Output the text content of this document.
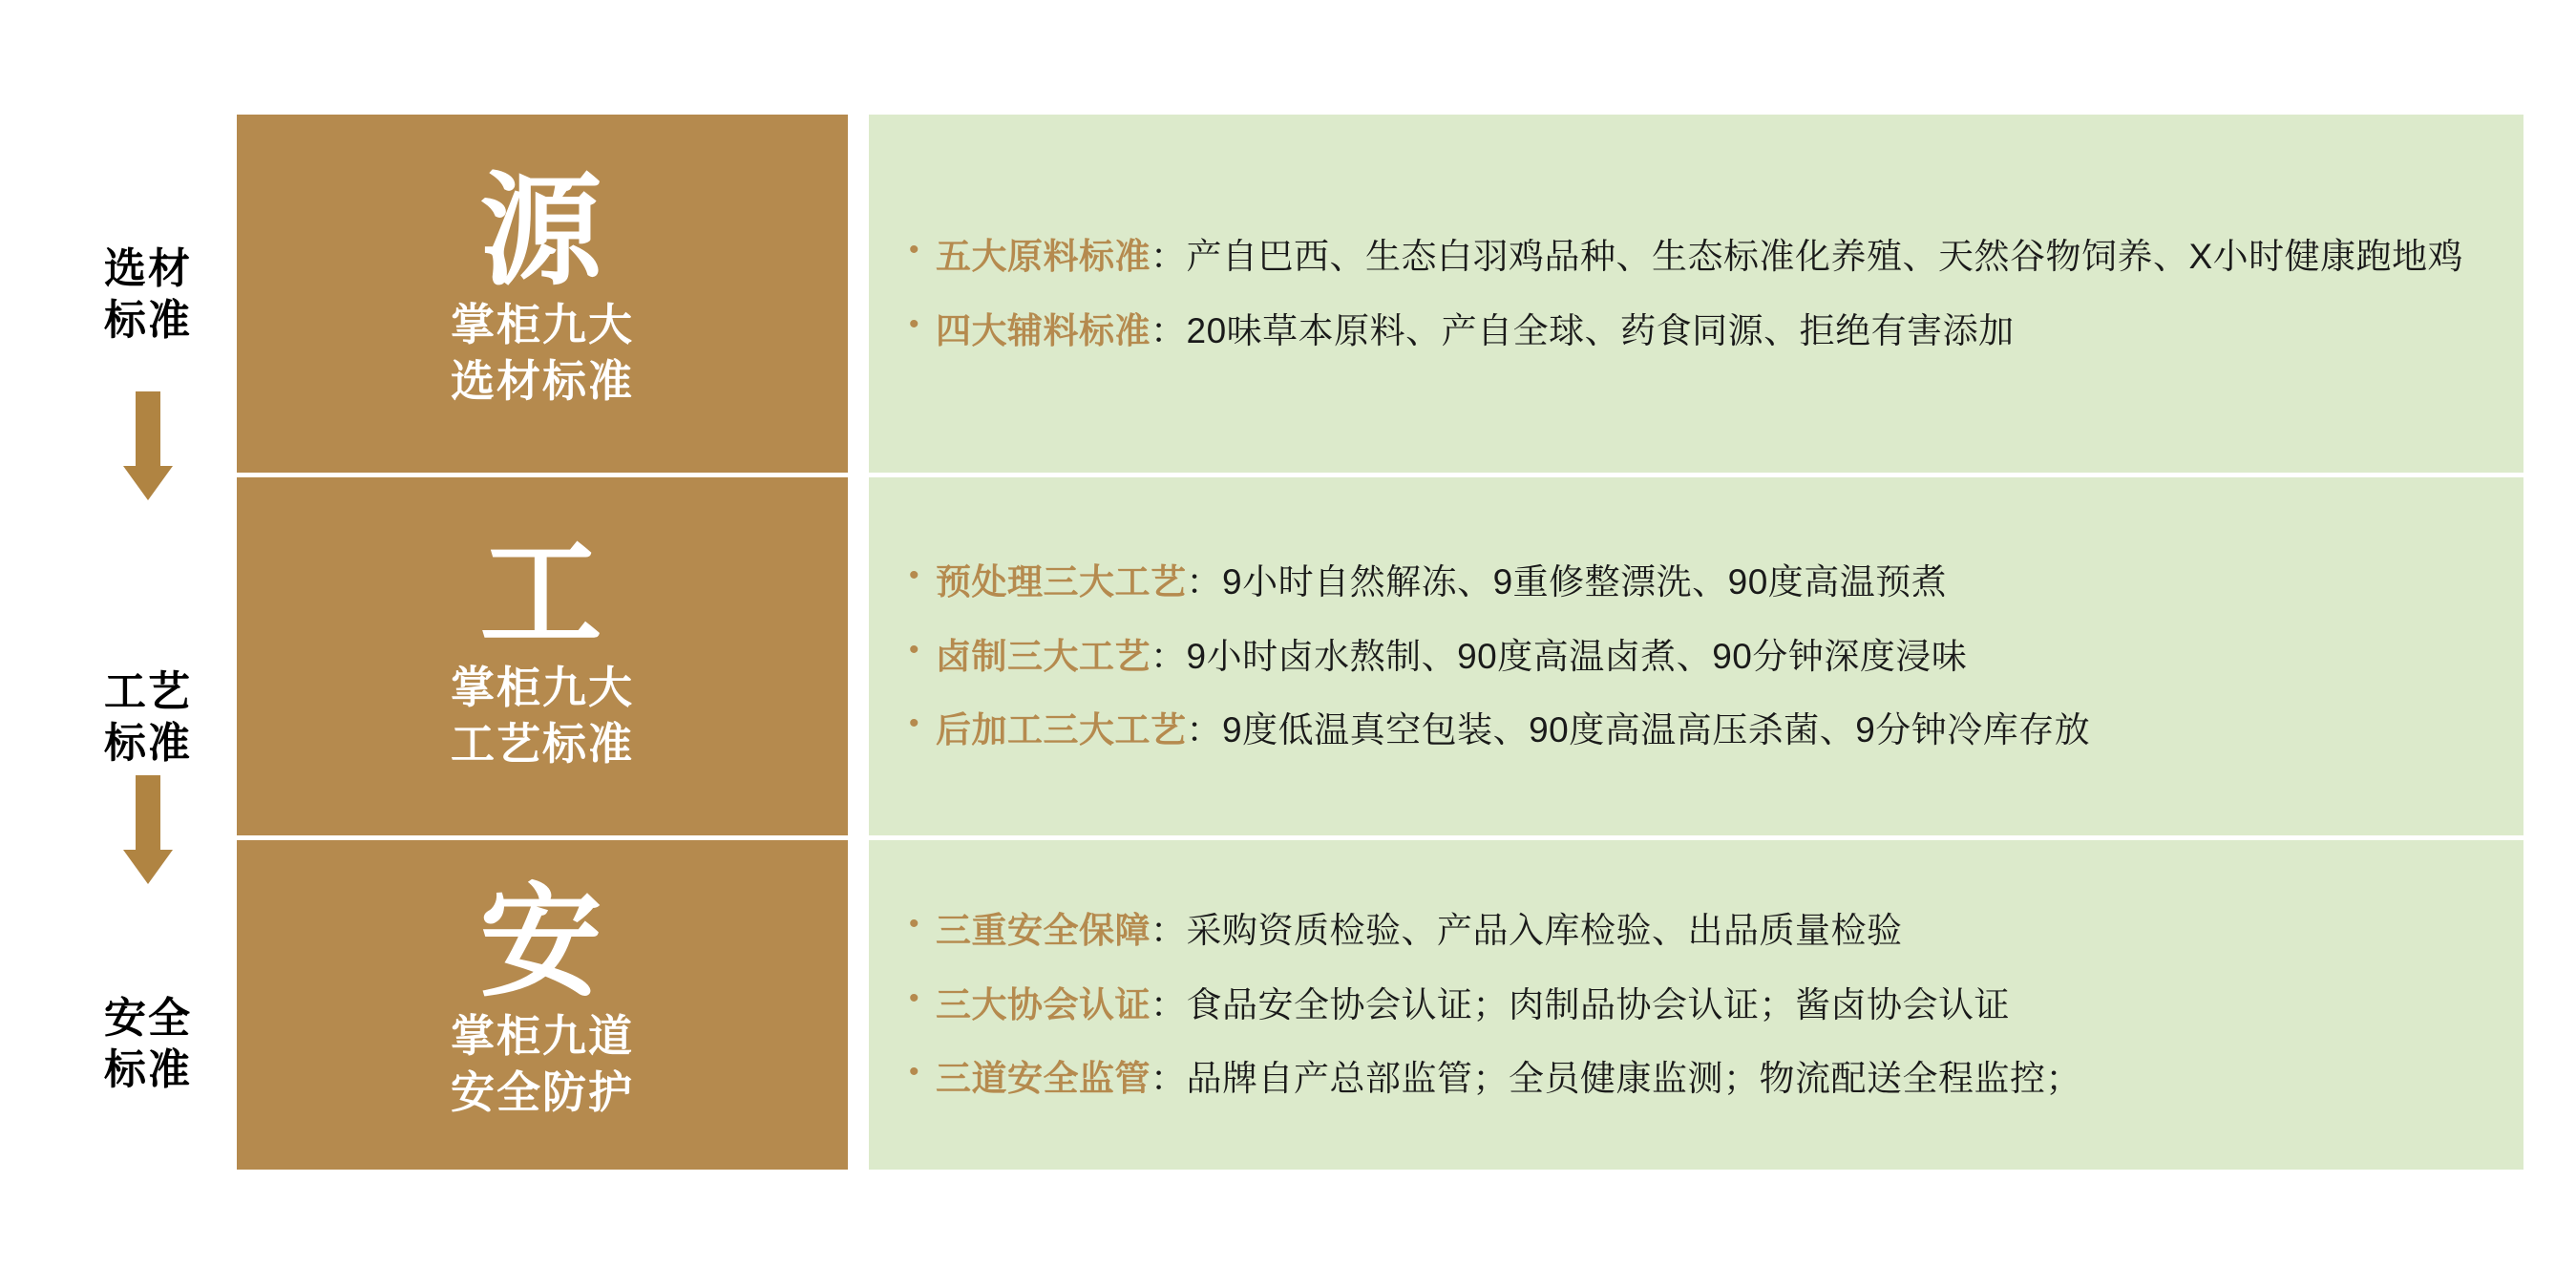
选材
标准
工艺
标准
安全
标准
源
掌柜九大
选材标准
• 五大原料标准：产自巴西、生态白羽鸡品种、生态标准化养殖、天然谷物饲养、X小时健康跑地鸡
• 四大辅料标准：20味草本原料、产自全球、药食同源、拒绝有害添加
工
掌柜九大
工艺标准
• 预处理三大工艺：9小时自然解冻、9重修整漂洗、90度高温预煮
• 卤制三大工艺：9小时卤水熬制、90度高温卤煮、90分钟深度浸味
• 后加工三大工艺：9度低温真空包装、90度高温高压杀菌、9分钟冷库存放
安
掌柜九道
安全防护
• 三重安全保障：采购资质检验、产品入库检验、出品质量检验
• 三大协会认证：食品安全协会认证；肉制品协会认证；酱卤协会认证
• 三道安全监管：品牌自产总部监管；全员健康监测；物流配送全程监控；
